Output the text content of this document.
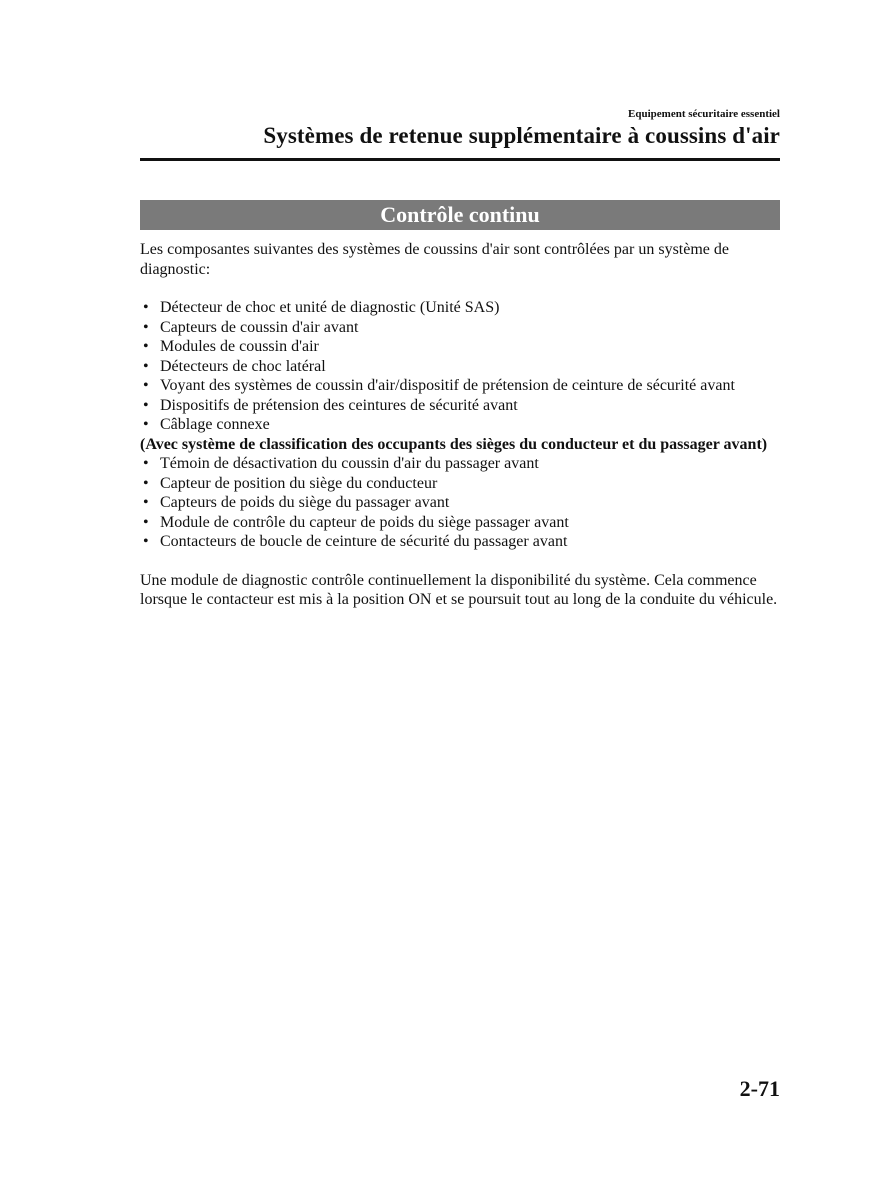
Equipement sécuritaire essentiel
Systèmes de retenue supplémentaire à coussins d'air
Contrôle continu

Les composantes suivantes des systèmes de coussins d'air sont contrôlées par un système de diagnostic:

• Détecteur de choc et unité de diagnostic (Unité SAS)
• Capteurs de coussin d'air avant
• Modules de coussin d'air
• Détecteurs de choc latéral
• Voyant des systèmes de coussin d'air/dispositif de prétension de ceinture de sécurité avant
• Dispositifs de prétension des ceintures de sécurité avant
• Câblage connexe

(Avec système de classification des occupants des sièges du conducteur et du passager avant)

• Témoin de désactivation du coussin d'air du passager avant
• Capteur de position du siège du conducteur
• Capteurs de poids du siège du passager avant
• Module de contrôle du capteur de poids du siège passager avant
• Contacteurs de boucle de ceinture de sécurité du passager avant

Une module de diagnostic contrôle continuellement la disponibilité du système. Cela commence lorsque le contacteur est mis à la position ON et se poursuit tout au long de la conduite du véhicule.

2-71
